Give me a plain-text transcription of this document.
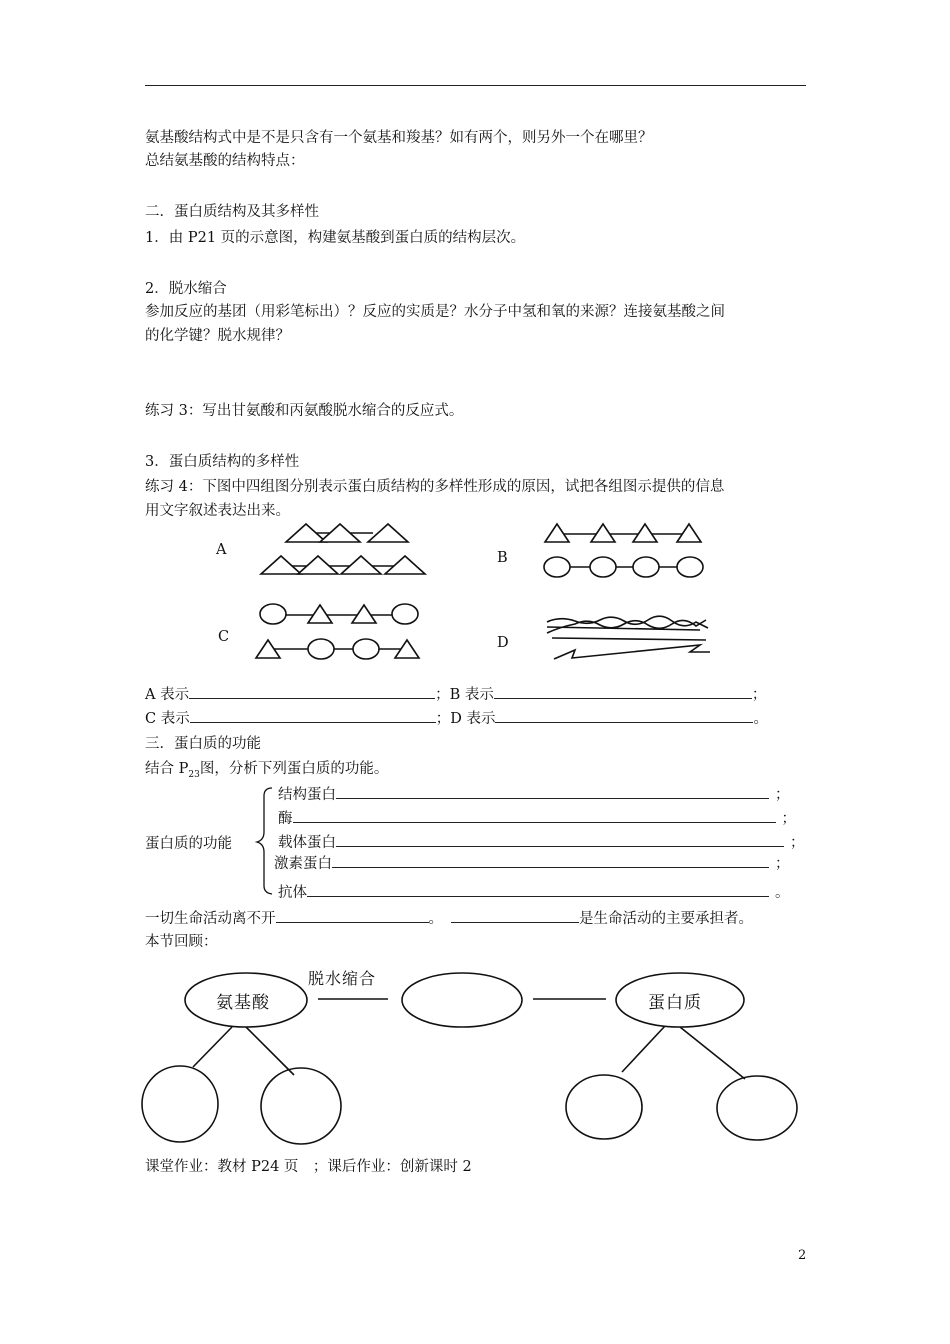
氨基酸结构式中是不是只含有一个氨基和羧基？如有两个，则另外一个在哪里？
总结氨基酸的结构特点：
二．蛋白质结构及其多样性
1．由 P21 页的示意图，构建氨基酸到蛋白质的结构层次。
2．脱水缩合
参加反应的基团（用彩笔标出）？反应的实质是？水分子中氢和氧的来源？连接氨基酸之间
的化学键？脱水规律？
练习 3：写出甘氨酸和丙氨酸脱水缩合的反应式。
3．蛋白质结构的多样性
练习 4：下图中四组图分别表示蛋白质结构的多样性形成的原因，试把各组图示提供的信息
用文字叙述表达出来。
A	B
C	D
A 表示	；B 表示	；
C 表示	；D 表示	。
三．蛋白质的功能
结合 $P_{23}$图，分析下列蛋白质的功能。
蛋白质的功能
结构蛋白	；
酶	；
载体蛋白	；
激素蛋白	；
抗体	。
一切生命活动离不开	。	是生命活动的主要承担者。
本节回顾：
氨基酸
脱水缩合
蛋白质
课堂作业：教材 P24 页　；课后作业：创新课时 2
2
